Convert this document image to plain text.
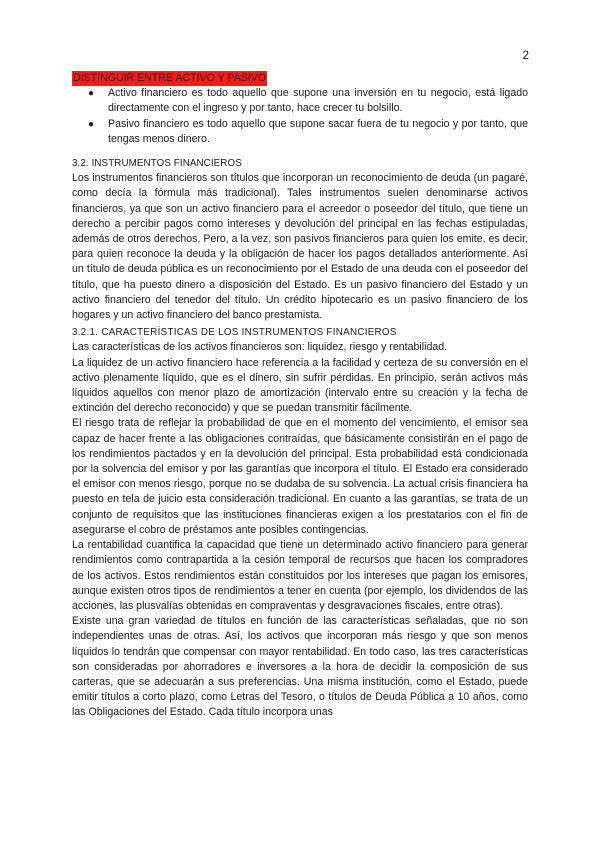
2
DISTINGUIR ENTRE ACTIVO Y PASIVO
● Activo financiero es todo aquello que supone una inversión en tu negocio, está ligado directamente con el ingreso y por tanto, hace crecer tu bolsillo.
● Pasivo financiero es todo aquello que supone sacar fuera de tu negocio y por tanto, que tengas menos dinero.
3.2. INSTRUMENTOS FINANCIEROS

Los instrumentos financieros son títulos que incorporan un reconocimiento de deuda (un pagaré, como decía la fórmula más tradicional). Tales instrumentos suelen denominarse activos financieros, ya que son un activo financiero para el acreedor o poseedor del título, que tiene un derecho a percibir pagos como intereses y devolución del principal en las fechas estipuladas, además de otros derechos. Pero, a la vez, son pasivos financieros para quien los emite, es decir, para quien reconoce la deuda y la obligación de hacer los pagos detallados anteriormente. Así un título de deuda pública es un reconocimiento por el Estado de una deuda con el poseedor del título, que ha puesto dinero a disposición del Estado. Es un pasivo financiero del Estado y un activo financiero del tenedor del título. Un crédito hipotecario es un pasivo financiero de los hogares y un activo financiero del banco prestamista.

3.2.1. CARACTERÍSTICAS DE LOS INSTRUMENTOS FINANCIEROS

Las características de los activos financieros son: liquidez, riesgo y rentabilidad.

La liquidez de un activo financiero hace referencia a la facilidad y certeza de su conversión en el activo plenamente líquido, que es el dinero, sin sufrir pérdidas. En principio, serán activos más líquidos aquellos con menor plazo de amortización (intervalo entre su creación y la fecha de extinción del derecho reconocido) y que se puedan transmitir fácilmente.

El riesgo trata de reflejar la probabilidad de que en el momento del vencimiento, el emisor sea capaz de hacer frente a las obligaciones contraídas, que básicamente consistirán en el pago de los rendimientos pactados y en la devolución del principal. Esta probabilidad está condicionada por la solvencia del emisor y por las garantías que incorpora el título. El Estado era considerado el emisor con menos riesgo, porque no se dudaba de su solvencia. La actual crisis financiera ha puesto en tela de juicio esta consideración tradicional. En cuanto a las garantías, se trata de un conjunto de requisitos que las instituciones financieras exigen a los prestatarios con el fin de asegurarse el cobro de préstamos ante posibles contingencias.

La rentabilidad cuantifica la capacidad que tiene un determinado activo financiero para generar rendimientos como contrapartida a la cesión temporal de recursos que hacen los compradores de los activos. Estos rendimientos están constituidos por los intereses que pagan los emisores, aunque existen otros tipos de rendimientos a tener en cuenta (por ejemplo, los dividendos de las acciones, las plusvalías obtenidas en compraventas y desgravaciones fiscales, entre otras).

Existe una gran variedad de títulos en función de las características señaladas, que no son independientes unas de otras. Así, los activos que incorporan más riesgo y que son menos líquidos lo tendrán que compensar con mayor rentabilidad. En todo caso, las tres características son consideradas por ahorradores e inversores a la hora de decidir la composición de sus carteras, que se adecuarán a sus preferencias. Una misma institución, como el Estado, puede emitir títulos a corto plazo, como Letras del Tesoro, o títulos de Deuda Pública a 10 años, como las Obligaciones del Estado. Cada título incorpora unas
